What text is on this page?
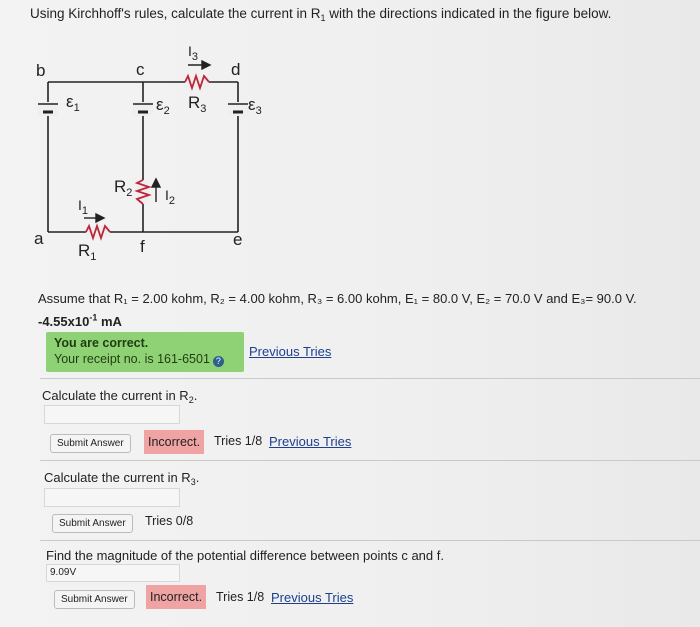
Using Kirchhoff's rules, calculate the current in $R_1$ with the directions indicated in the figure below.
b	c	d
a	f	e
$\varepsilon_1$	$\varepsilon_2$	$\varepsilon_3$
$R_3$
$R_2$
$R_1$
$I_3$
$I_2$
$I_1$
Assume that R₁ = 2.00 kohm, R₂ = 4.00 kohm, R₃ = 6.00 kohm, E₁ = 80.0 V, E₂ = 70.0 V and E₃= 90.0 V.
$-4.55x10^{-1}$ mA
You are correct.
Your receipt no. is 161-6501 ?
Previous Tries
Calculate the current in $R_2$.
Submit Answer	Incorrect.	Tries 1/8 Previous Tries
Calculate the current in $R_3$.
Submit Answer	Tries 0/8
Find the magnitude of the potential difference between points c and f.
9.09V
Submit Answer	Incorrect.	Tries 1/8 Previous Tries
